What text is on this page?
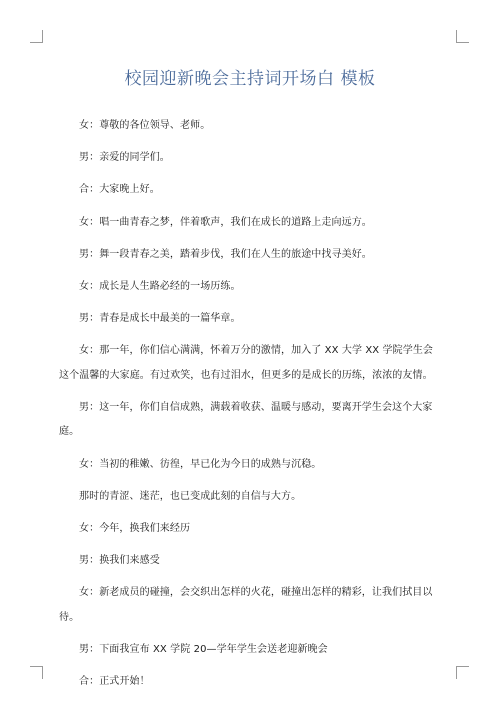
校园迎新晚会主持词开场白 模板

女：尊敬的各位领导、老师。

男：亲爱的同学们。

合：大家晚上好。

女：唱一曲青春之梦，伴着歌声，我们在成长的道路上走向远方。

男：舞一段青春之美，踏着步伐，我们在人生的旅途中找寻美好。

女：成长是人生路必经的一场历练。

男：青春是成长中最美的一篇华章。

女：那一年，你们信心满满，怀着万分的激情，加入了 XX 大学 XX 学院学生会这个温馨的大家庭。有过欢笑，也有过泪水，但更多的是成长的历练，浓浓的友情。

男：这一年，你们自信成熟，满载着收获、温暖与感动，要离开学生会这个大家庭。

女：当初的稚嫩、彷徨，早已化为今日的成熟与沉稳。

那时的青涩、迷茫，也已变成此刻的自信与大方。

女：今年，换我们来经历

男：换我们来感受

女：新老成员的碰撞，会交织出怎样的火花，碰撞出怎样的精彩，让我们拭目以待。

男：下面我宣布 XX 学院 20—学年学生会送老迎新晚会

合：正式开始！
